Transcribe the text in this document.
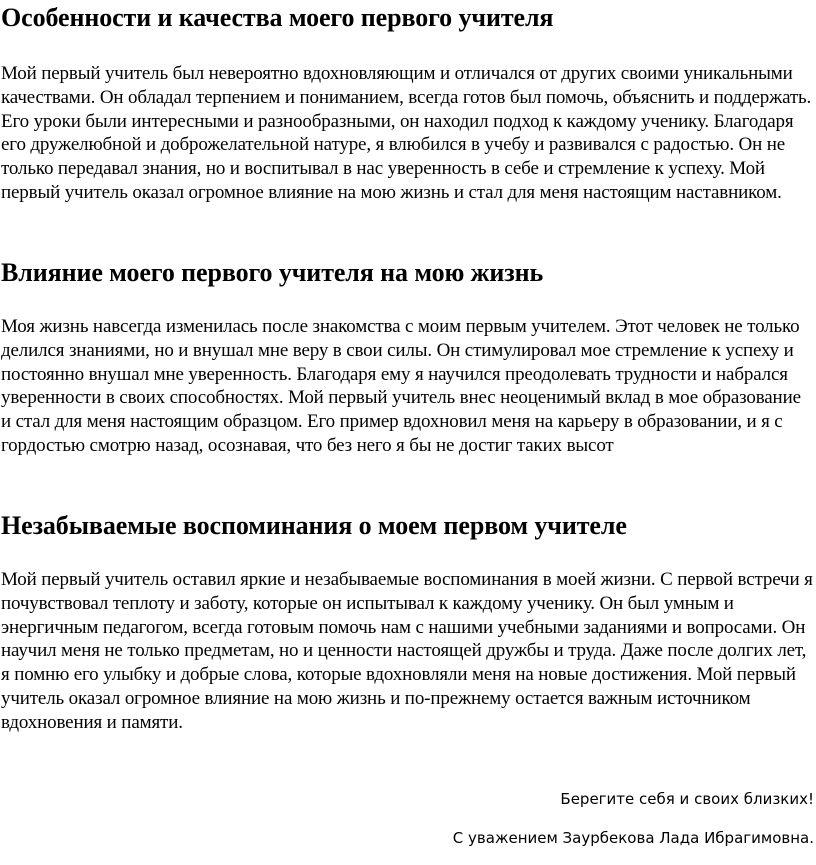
Особенности и качества моего первого учителя

Мой первый учитель был невероятно вдохновляющим и отличался от других своими уникальными качествами. Он обладал терпением и пониманием, всегда готов был помочь, объяснить и поддержать. Его уроки были интересными и разнообразными, он находил подход к каждому ученику. Благодаря его дружелюбной и доброжелательной натуре, я влюбился в учебу и развивался с радостью. Он не только передавал знания, но и воспитывал в нас уверенность в себе и стремление к успеху. Мой первый учитель оказал огромное влияние на мою жизнь и стал для меня настоящим наставником.

Влияние моего первого учителя на мою жизнь

Моя жизнь навсегда изменилась после знакомства с моим первым учителем. Этот человек не только делился знаниями, но и внушал мне веру в свои силы. Он стимулировал мое стремление к успеху и постоянно внушал мне уверенность. Благодаря ему я научился преодолевать трудности и набрался уверенности в своих способностях. Мой первый учитель внес неоценимый вклад в мое образование и стал для меня настоящим образцом. Его пример вдохновил меня на карьеру в образовании, и я с гордостью смотрю назад, осознавая, что без него я бы не достиг таких высот

Незабываемые воспоминания о моем первом учителе

Мой первый учитель оставил яркие и незабываемые воспоминания в моей жизни. С первой встречи я почувствовал теплоту и заботу, которые он испытывал к каждому ученику. Он был умным и энергичным педагогом, всегда готовым помочь нам с нашими учебными заданиями и вопросами. Он научил меня не только предметам, но и ценности настоящей дружбы и труда. Даже после долгих лет, я помню его улыбку и добрые слова, которые вдохновляли меня на новые достижения. Мой первый учитель оказал огромное влияние на мою жизнь и по-прежнему остается важным источником вдохновения и памяти.

Берегите себя и своих близких!
С уважением Заурбекова Лада Ибрагимовна.
